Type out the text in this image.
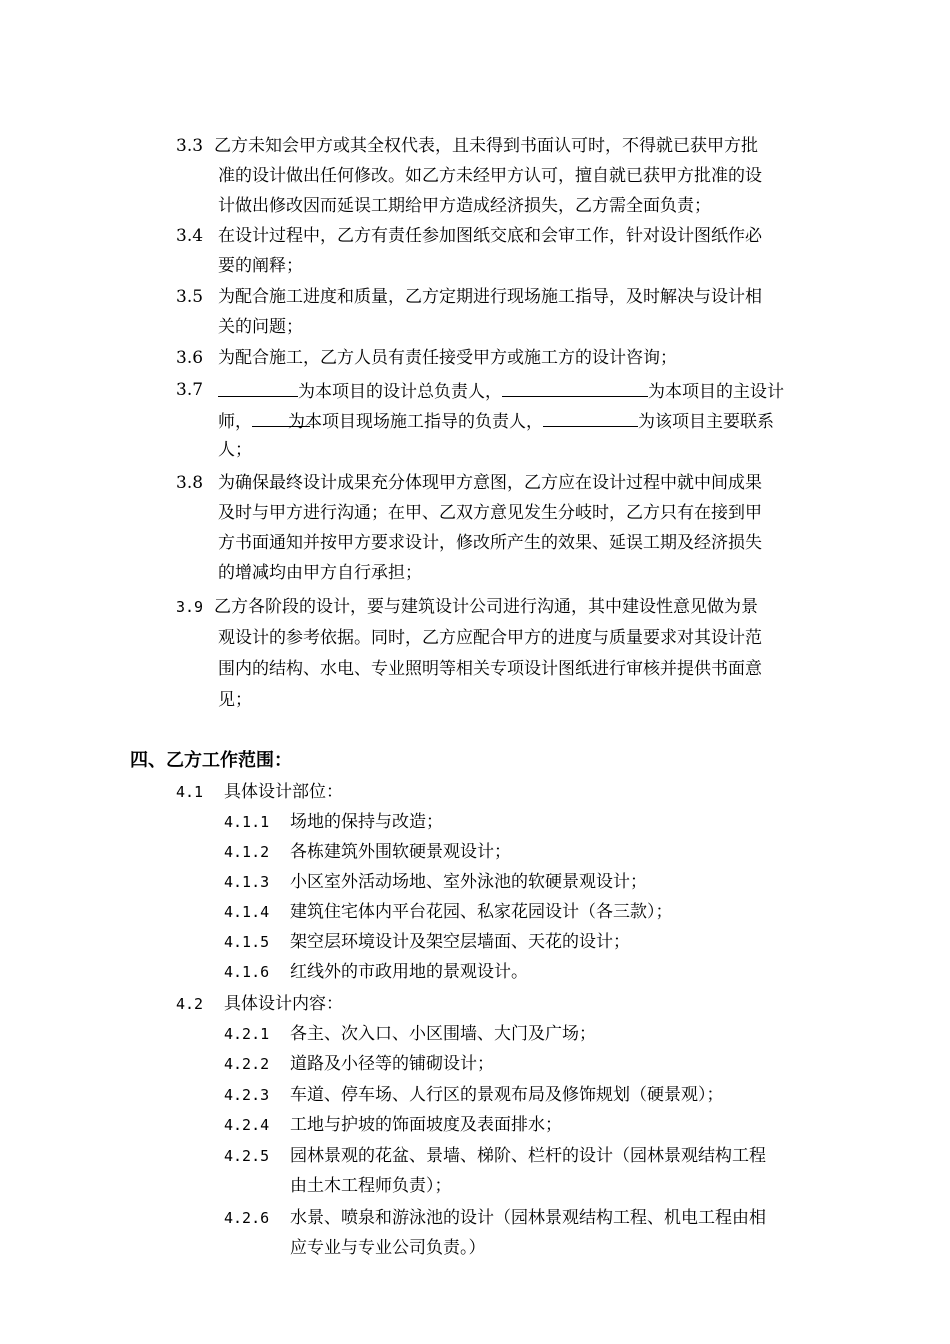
3.3 乙方未知会甲方或其全权代表，且未得到书面认可时，不得就已获甲方批
准的设计做出任何修改。如乙方未经甲方认可，擅自就已获甲方批准的设
计做出修改因而延误工期给甲方造成经济损失，乙方需全面负责；
3.4 在设计过程中，乙方有责任参加图纸交底和会审工作，针对设计图纸作必
要的阐释；
3.5 为配合施工进度和质量，乙方定期进行现场施工指导，及时解决与设计相
关的问题；
3.6 为配合施工，乙方人员有责任接受甲方或施工方的设计咨询；
3.7	为本项目的设计总负责人，	为本项目的主设计
师， 为本项目现场施工指导的负责人，	为该项目主要联系
人；
3.8 为确保最终设计成果充分体现甲方意图，乙方应在设计过程中就中间成果
及时与甲方进行沟通；在甲、乙双方意见发生分岐时，乙方只有在接到甲
方书面通知并按甲方要求设计，修改所产生的效果、延误工期及经济损失
的增减均由甲方自行承担；
3.9 乙方各阶段的设计，要与建筑设计公司进行沟通，其中建设性意见做为景
观设计的参考依据。同时，乙方应配合甲方的进度与质量要求对其设计范
围内的结构、水电、专业照明等相关专项设计图纸进行审核并提供书面意
见；
四、乙方工作范围：
4.1 具体设计部位：
4.1.1 场地的保持与改造；
4.1.2 各栋建筑外围软硬景观设计；
4.1.3 小区室外活动场地、室外泳池的软硬景观设计；
4.1.4 建筑住宅体内平台花园、私家花园设计（各三款）；
4.1.5 架空层环境设计及架空层墙面、天花的设计；
4.1.6 红线外的市政用地的景观设计。
4.2 具体设计内容：
4.2.1 各主、次入口、小区围墙、大门及广场；
4.2.2 道路及小径等的铺砌设计；
4.2.3 车道、停车场、人行区的景观布局及修饰规划（硬景观）；
4.2.4 工地与护坡的饰面坡度及表面排水；
4.2.5 园林景观的花盆、景墙、梯阶、栏杆的设计（园林景观结构工程
由土木工程师负责）；
4.2.6 水景、喷泉和游泳池的设计（园林景观结构工程、机电工程由相
应专业与专业公司负责。）
